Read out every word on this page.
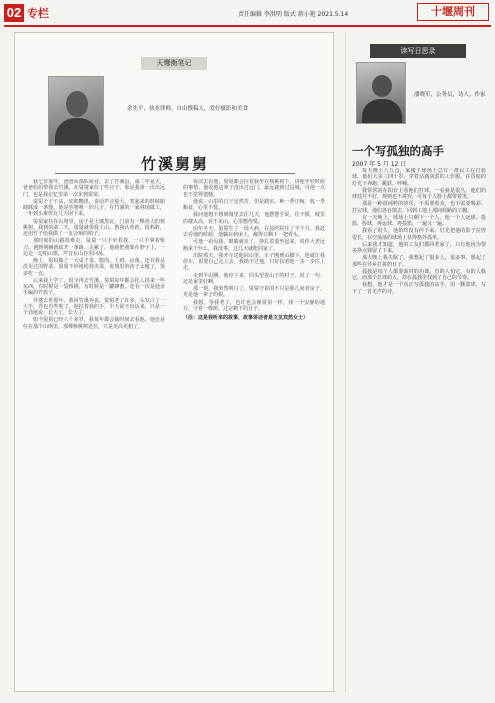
02 专栏	责任编辑 李洪明 版式 蒋小艳 2021.5.14	十堰周刊
天鹰衡笔记
余先平，执业律师，自由撰稿人，爱好摄影和美食
竹溪舅舅

我七岁那年，爸爸从部队转业，去了竹溪县。第二年夏天，爸爸妈妈带我去竹溪，在舅舅家住了些日子，那是我第一次出远门，也是我记忆里第一次见到舅舅。

舅舅个子不高，皮肤黝黑，说话声音很大，笑起来的时候眼睛眯成一条缝。他是外婆唯一的儿子，在竹溪的一家林场做工，一年到头难得有几天闲下来。

舅舅家住在山坳里，房子是土墙黑瓦，门前有一棵很大的核桃树。我到的第二天，舅舅就带我上山，教我认草药，捉蚂蚱，还用竹子给我做了一支会响的哨子。

那时候的山路很难走，舅舅一只手牵着我，一只手拿着柴刀，遇到荆棘就砍开一条路。走累了，他就把我架在脖子上，一边走一边唱山歌，声音在山谷里回荡。

晚上，舅妈做了一大桌子菜，腊肉、土鸡、山菌，还有我从没见过的野菜。舅舅不停地给我夹菜，说城里的孩子太瘦了，要多吃一点。

后来我上学了，很少再去竹溪。舅舅每年都会托人捎来一些东西，有时候是一袋核桃，有时候是一罐蜂蜜，还有一次是他亲手编的竹篮子。

外婆去世那年，我回竹溪奔丧。舅舅老了许多，头发白了一大半，背也有些驼了。他拉着我的手，半天说不出话来，只是一个劲地说：长大了，长大了。

如今舅舅已经八十多岁，我每年都会抽时间去看他。他还是住在那个山坳里，那棵核桃树还在，只是更高更粗了。

每次去看他，舅舅都会拉着我坐在核桃树下，讲他年轻时候的事情。他说他这辈子没出过远门，最远就到过县城，可他一点也不觉得遗憾。

他说，山里的日子虽然苦，但是踏实。种一季庄稼，收一季粮食，心里不慌。

我问他想不想到城里去住几天，他摆摆手说，住不惯，城里的楼太高，看不见山，心里憋得慌。

前年冬天，舅舅生了一场大病，在县医院住了半个月。我赶去看他的时候，他躺在病床上，瘦得只剩下一把骨头。

可他一看见我，眼睛就亮了，挣扎着要坐起来，说你大老远跑来干什么，我没事，过几天就能回家了。

出院那天，我开车送他回山里。车子刚到山脚下，他就让我停车，说要自己走上去，我拗不过他，只好扶着他一步一步往上走。

走到半山腰，他停下来，回头望着山下的村子，说了一句：还是家里好啊。

那一刻，我突然明白了，舅舅守着的不只是那几间老房子，更是他一辈子的根。

我想，等我老了，也许也会像舅舅一样，找一个安静的地方，守着一棵树，过完剩下的日子。

（注：这是我听来的故事，故事讲述者是文友宾然女士）

读写日思录
潘晓军，公务员，诗人、作家
一个写孤独的高手
2007 年 5 月 12 日

每天晚上八九点，家楼下球场上总有一群民工在打篮球。他们大多三四十岁，穿着沾满灰浆的工作服，在昏暗的灯光下奔跑、跳跃、呼喊。

我常常站在阳台上看他们打球，一看就是很久。他们的球技并不好，规则也不讲究，可每个人脸上都带着笑。

那是一种很纯粹的快乐，不需要观众，也不需要喝彩。打完球，他们各自散去，回到工地上那间简陋的工棚。

有一天晚上，球场上只剩下一个人。他一个人运球、投篮、捡球，再运球、再投篮，一遍又一遍。

我看了很久，他始终没有停下来。灯光把他的影子拉得很长，在空荡荡的球场上显得格外孤单。

后来我才知道，他的工友们都回老家了，只有他因为要多挣点钱留了下来。

那天晚上我失眠了。我想起了很多人，很多事，想起了那些在异乡打拼的日子。

孤独是每个人都要面对的功课。有的人怕它，有的人躲它，而那个打球的人，却在孤独里找到了自己的节奏。

我想，他才是一个真正写孤独的高手，用一颗篮球，写下了一首无声的诗。
